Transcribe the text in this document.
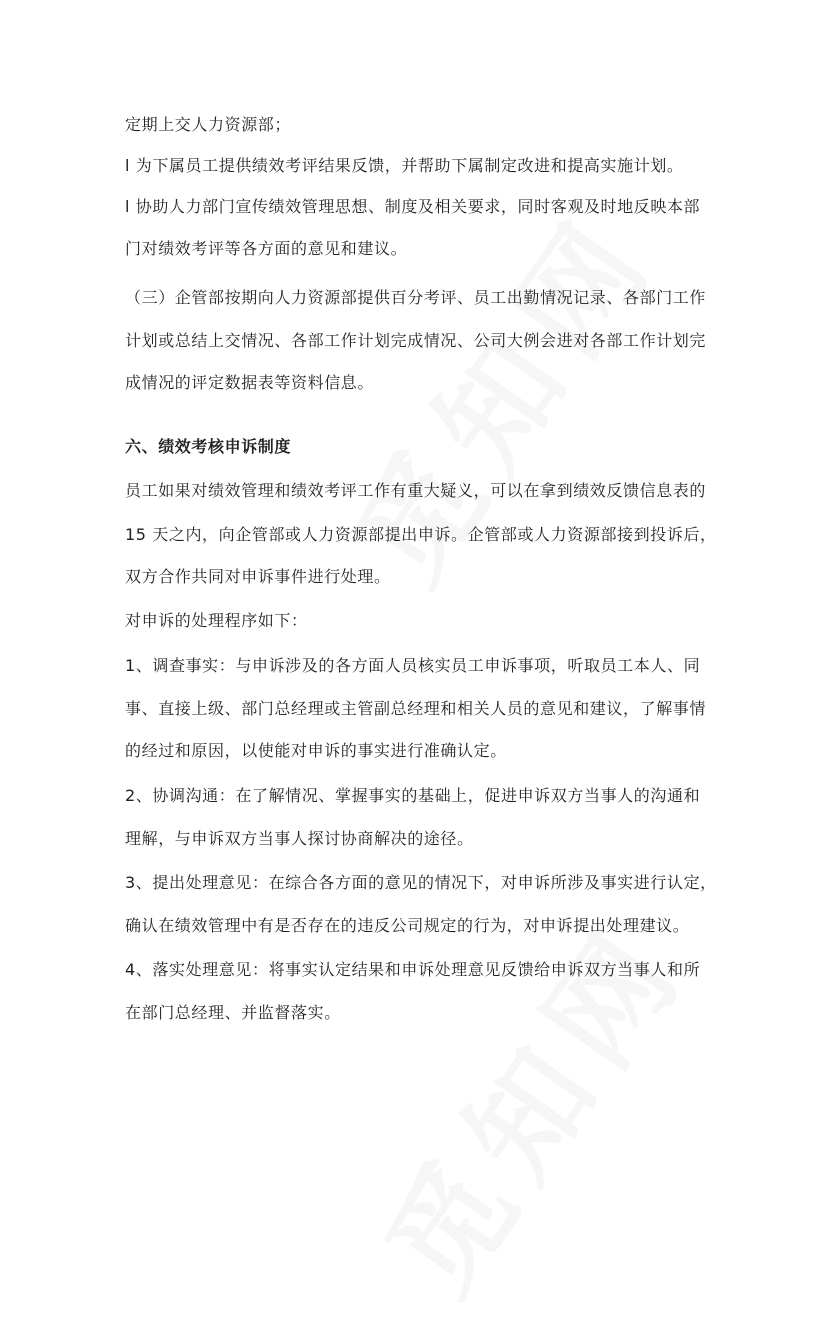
定期上交人力资源部；
l 为下属员工提供绩效考评结果反馈，并帮助下属制定改进和提高实施计划。
l 协助人力部门宣传绩效管理思想、制度及相关要求，同时客观及时地反映本部
门对绩效考评等各方面的意见和建议。
（三）企管部按期向人力资源部提供百分考评、员工出勤情况记录、各部门工作
计划或总结上交情况、各部工作计划完成情况、公司大例会进对各部工作计划完
成情况的评定数据表等资料信息。
六、绩效考核申诉制度
员工如果对绩效管理和绩效考评工作有重大疑义，可以在拿到绩效反馈信息表的
15 天之内，向企管部或人力资源部提出申诉。企管部或人力资源部接到投诉后，
双方合作共同对申诉事件进行处理。
对申诉的处理程序如下：
1、调查事实：与申诉涉及的各方面人员核实员工申诉事项，听取员工本人、同
事、直接上级、部门总经理或主管副总经理和相关人员的意见和建议，了解事情
的经过和原因，以使能对申诉的事实进行准确认定。
2、协调沟通：在了解情况、掌握事实的基础上，促进申诉双方当事人的沟通和
理解，与申诉双方当事人探讨协商解决的途径。
3、提出处理意见：在综合各方面的意见的情况下，对申诉所涉及事实进行认定，
确认在绩效管理中有是否存在的违反公司规定的行为，对申诉提出处理建议。
4、落实处理意见：将事实认定结果和申诉处理意见反馈给申诉双方当事人和所
在部门总经理、并监督落实。
